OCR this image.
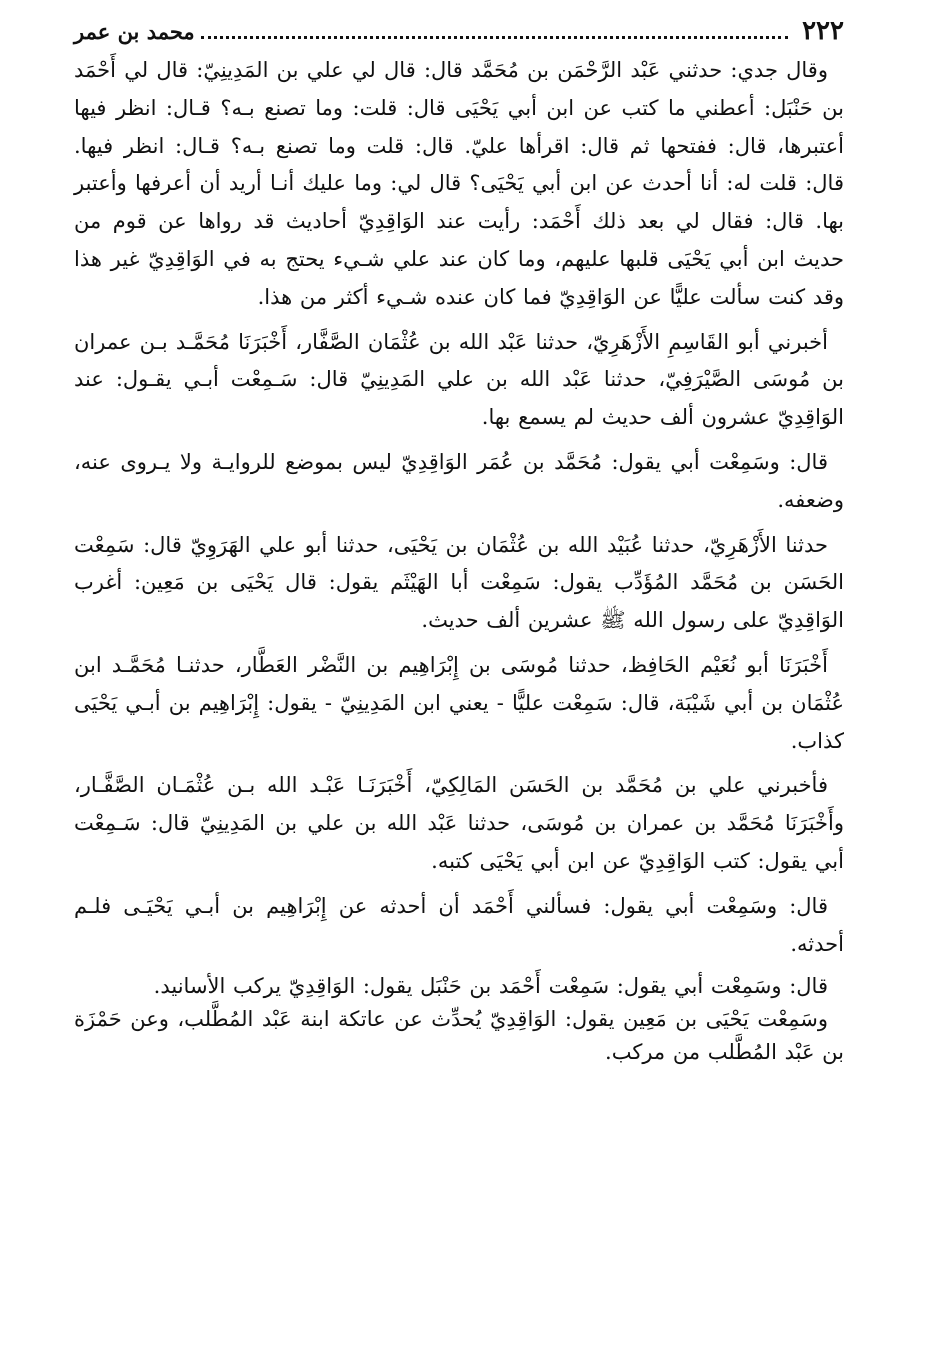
٢٢٢
محمد بن عمر

وقال جدي: حدثني عَبْد الرَّحْمَن بن مُحَمَّد قال: قال لي علي بن المَدِينِيّ: قال لي أَحْمَد بن حَنْبَل: أعطني ما كتب عن ابن أبي يَحْيَى قال: قلت: وما تصنع بـه؟ قـال: انظر فيها أعتبرها، قال: ففتحها ثم قال: اقرأها عليّ. قال: قلت وما تصنع بـه؟ قـال: انظر فيها. قال: قلت له: أنا أحدث عن ابن أبي يَحْيَى؟ قال لي: وما عليك أنـا أريد أن أعرفها وأعتبر بها. قال: فقال لي بعد ذلك أَحْمَد: رأيت عند الوَاقِدِيّ أحاديث قد رواها عن قوم من حديث ابن أبي يَحْيَى قلبها عليهم، وما كان عند علي شـيء يحتج به في الوَاقِدِيّ غير هذا وقد كنت سألت عليًّا عن الوَاقِدِيّ فما كان عنده شـيء أكثر من هذا.

أخبرني أبو القَاسِمِ الأَزْهَرِيّ، حدثنا عَبْد الله بن عُثْمَان الصَّفَّار، أَخْبَرَنَا مُحَمَّـد بـن عمران بن مُوسَى الصَّيْرَفِيّ، حدثنا عَبْد الله بن علي المَدِينِيّ قال: سَـمِعْت أبـي يقـول: عند الوَاقِدِيّ عشرون ألف حديث لم يسمع بها.

قال: وسَمِعْت أبي يقول: مُحَمَّد بن عُمَر الوَاقِدِيّ ليس بموضع للروايـة ولا يـروى عنه، وضعفه.

حدثنا الأَزْهَرِيّ، حدثنا عُبَيْد الله بن عُثْمَان بن يَحْيَى، حدثنا أبو علي الهَرَوِيّ قال: سَمِعْت الحَسَن بن مُحَمَّد المُؤَدِّب يقول: سَمِعْت أبا الهَيْثَم يقول: قال يَحْيَى بن مَعِين: أغرب الوَاقِدِيّ على رسول الله ﷺ عشرين ألف حديث.

أَخْبَرَنَا أبو نُعَيْم الحَافِظ، حدثنا مُوسَى بن إِبْرَاهِيم بن النَّضْر العَطَّار، حدثنـا مُحَمَّـد ابن عُثْمَان بن أبي شَيْبَة، قال: سَمِعْت عليًّا - يعني ابن المَدِينِيّ - يقول: إِبْرَاهِيم بن أبـي يَحْيَى كذاب.

فأخبرني علي بن مُحَمَّد بن الحَسَن المَالِكِيّ، أَخْبَرَنَـا عَبْـد الله بـن عُثْمَـان الصَّفَّـار، وأَخْبَرَنَا مُحَمَّد بن عمران بن مُوسَى، حدثنا عَبْد الله بن علي بن المَدِينِيّ قال: سَـمِعْت أبي يقول: كتب الوَاقِدِيّ عن ابن أبي يَحْيَى كتبه.

قال: وسَمِعْت أبي يقول: فسألني أَحْمَد أن أحدثه عن إِبْرَاهِيم بن أبـي يَحْيَـى فلـم أحدثه.

قال: وسَمِعْت أبي يقول: سَمِعْت أَحْمَد بن حَنْبَل يقول: الوَاقِدِيّ يركب الأسانيد.

وسَمِعْت يَحْيَى بن مَعِين يقول: الوَاقِدِيّ يُحدِّث عن عاتكة ابنة عَبْد المُطَّلب، وعن حَمْزَة بن عَبْد المُطَّلب من مركب.
